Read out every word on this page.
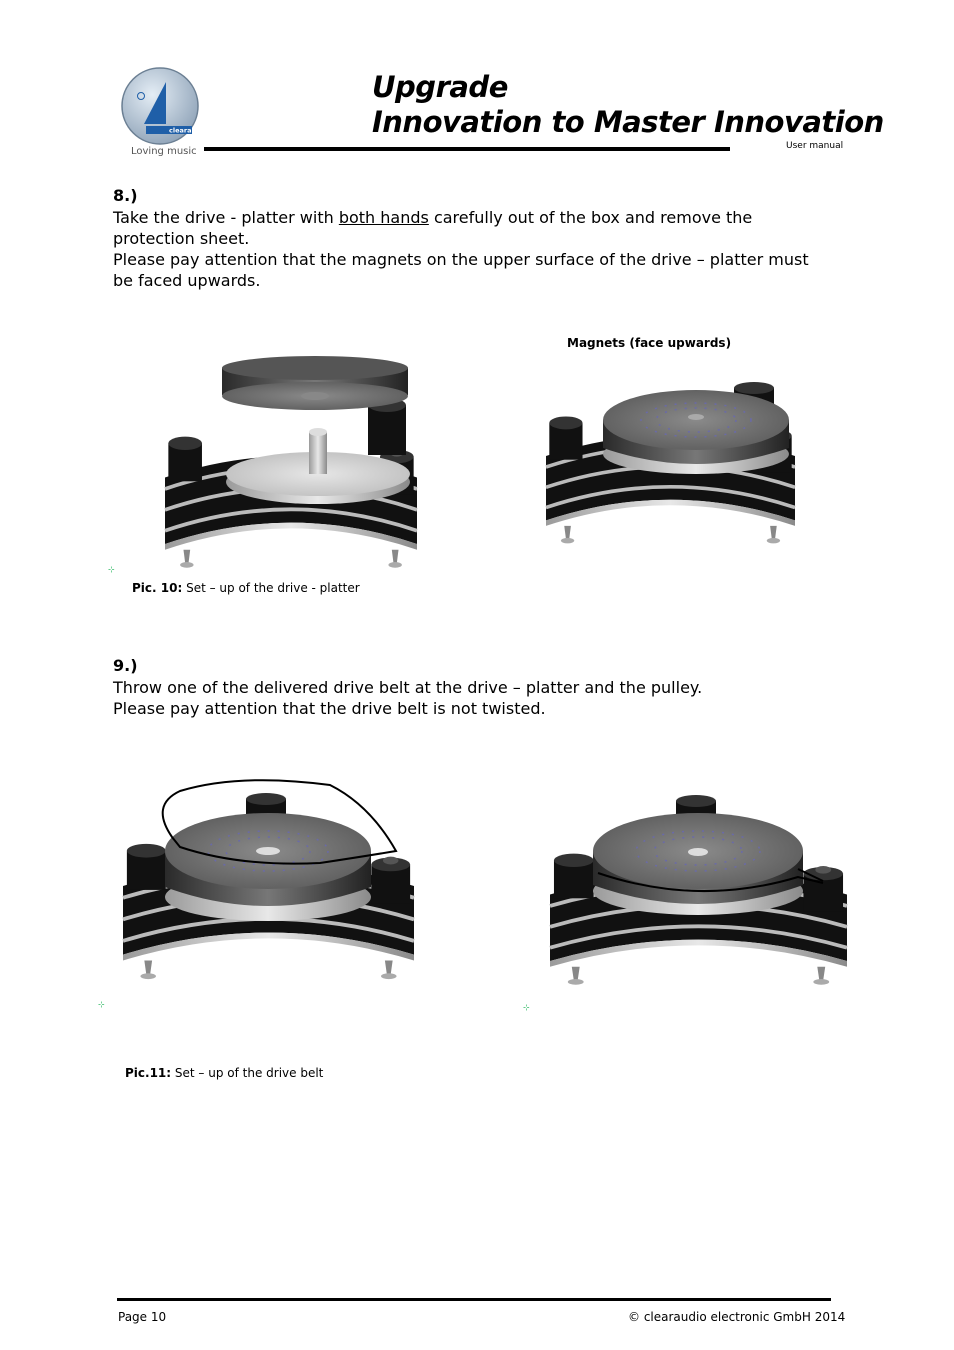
clearaudio
Loving music
Upgrade
Innovation to Master Innovation
User manual
8.)
Take the drive - platter with both hands carefully out of the box and remove the protection sheet.
Please pay attention that the magnets on the upper surface of the drive – platter must be faced upwards.
⊹
Pic. 10: Set – up of the drive - platter
Magnets (face upwards)
9.)
Throw one of the delivered drive belt at the drive – platter and the pulley.
Please pay attention that the drive belt is not twisted.
⊹	⊹
Pic.11: Set – up of the drive belt
Page 10	© clearaudio electronic GmbH 2014
